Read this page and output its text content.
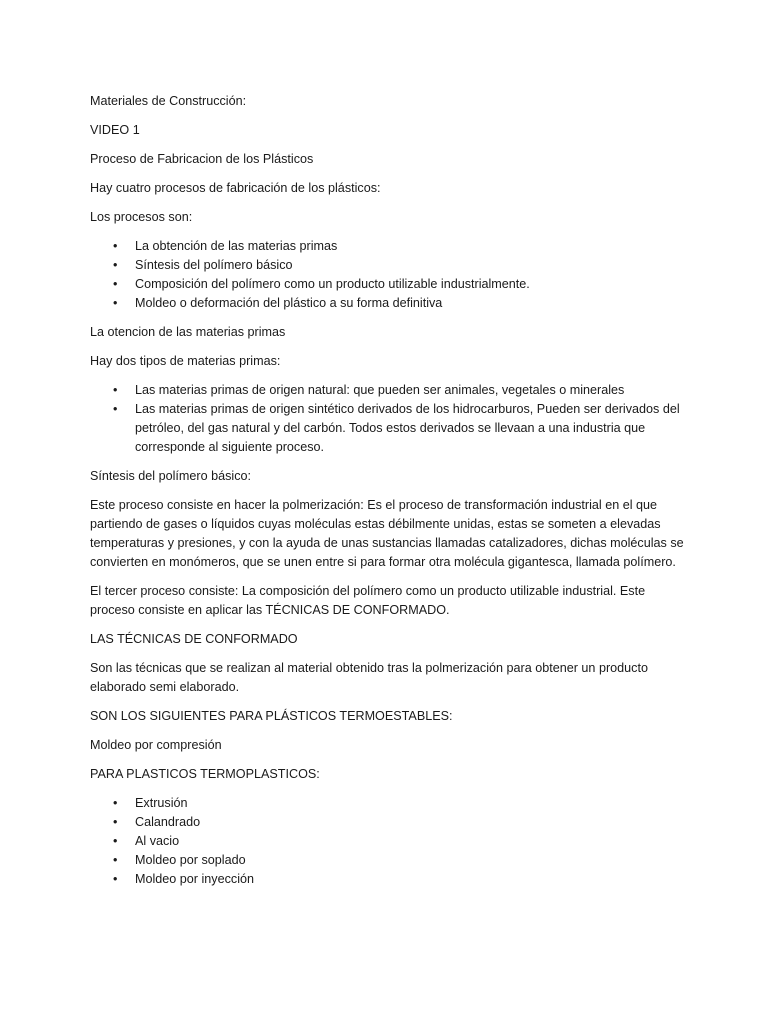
Materiales de Construcción:

VIDEO 1

Proceso de Fabricacion de los Plásticos

Hay cuatro procesos de fabricación de los plásticos:

Los procesos son:

• La obtención de las materias primas
• Síntesis del polímero básico
• Composición del polímero como un producto utilizable industrialmente.
• Moldeo o deformación del plástico a su forma definitiva

La otencion de las materias primas

Hay dos tipos de materias primas:

• Las materias primas de origen natural: que pueden ser animales, vegetales o minerales
• Las materias primas de origen sintético derivados de los hidrocarburos, Pueden ser derivados del petróleo, del gas natural y del carbón. Todos estos derivados se llevaan a una industria que corresponde al siguiente proceso.

Síntesis del polímero básico:

Este proceso consiste en hacer la polmerización: Es el proceso de transformación industrial en el que partiendo de gases o líquidos cuyas moléculas estas débilmente unidas, estas se someten a elevadas temperaturas y presiones, y con la ayuda de unas sustancias llamadas catalizadores, dichas moléculas se convierten en monómeros, que se unen entre si para formar otra molécula gigantesca, llamada polímero.

El tercer proceso consiste: La composición del polímero como un producto utilizable industrial. Este proceso consiste en aplicar las TÉCNICAS DE CONFORMADO.

LAS TÉCNICAS DE CONFORMADO

Son las técnicas que se realizan al material obtenido tras la polmerización para obtener un producto elaborado semi elaborado.

SON LOS SIGUIENTES PARA PLÁSTICOS TERMOESTABLES:

Moldeo por compresión

PARA PLASTICOS TERMOPLASTICOS:

• Extrusión
• Calandrado
• Al vacio
• Moldeo por soplado
• Moldeo por inyección
